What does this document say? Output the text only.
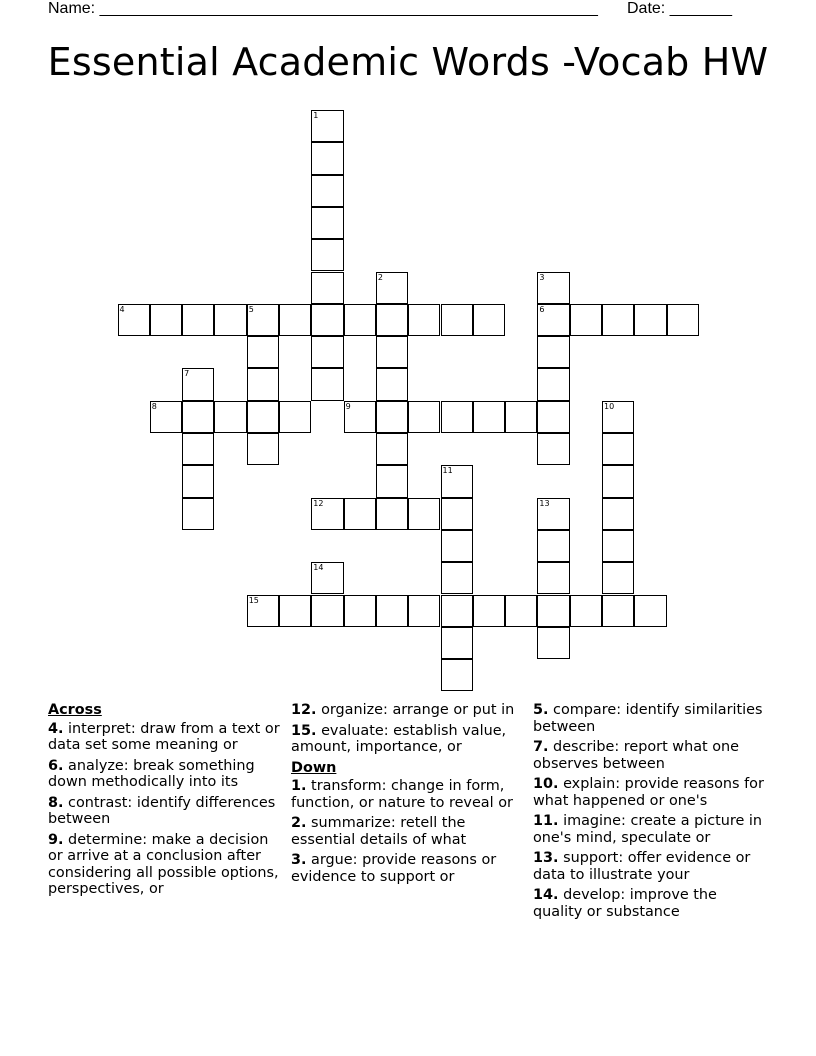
Name: ________________________________________________________ Date: _______
Essential Academic Words -Vocab HW
1
2	3
6
4	5
7
8	9	10
11
12	13
14
15
Across
4. interpret: draw from a text or data set some meaning or
6. analyze: break something down methodically into its
8. contrast: identify differences between
9. determine: make a decision or arrive at a conclusion after considering all possible options, perspectives, or
12. organize: arrange or put in
15. evaluate: establish value, amount, importance, or
Down
1. transform: change in form, function, or nature to reveal or
2. summarize: retell the essential details of what
3. argue: provide reasons or evidence to support or
5. compare: identify similarities between
7. describe: report what one observes between
10. explain: provide reasons for what happened or one's
11. imagine: create a picture in one's mind, speculate or
13. support: offer evidence or data to illustrate your
14. develop: improve the quality or substance
